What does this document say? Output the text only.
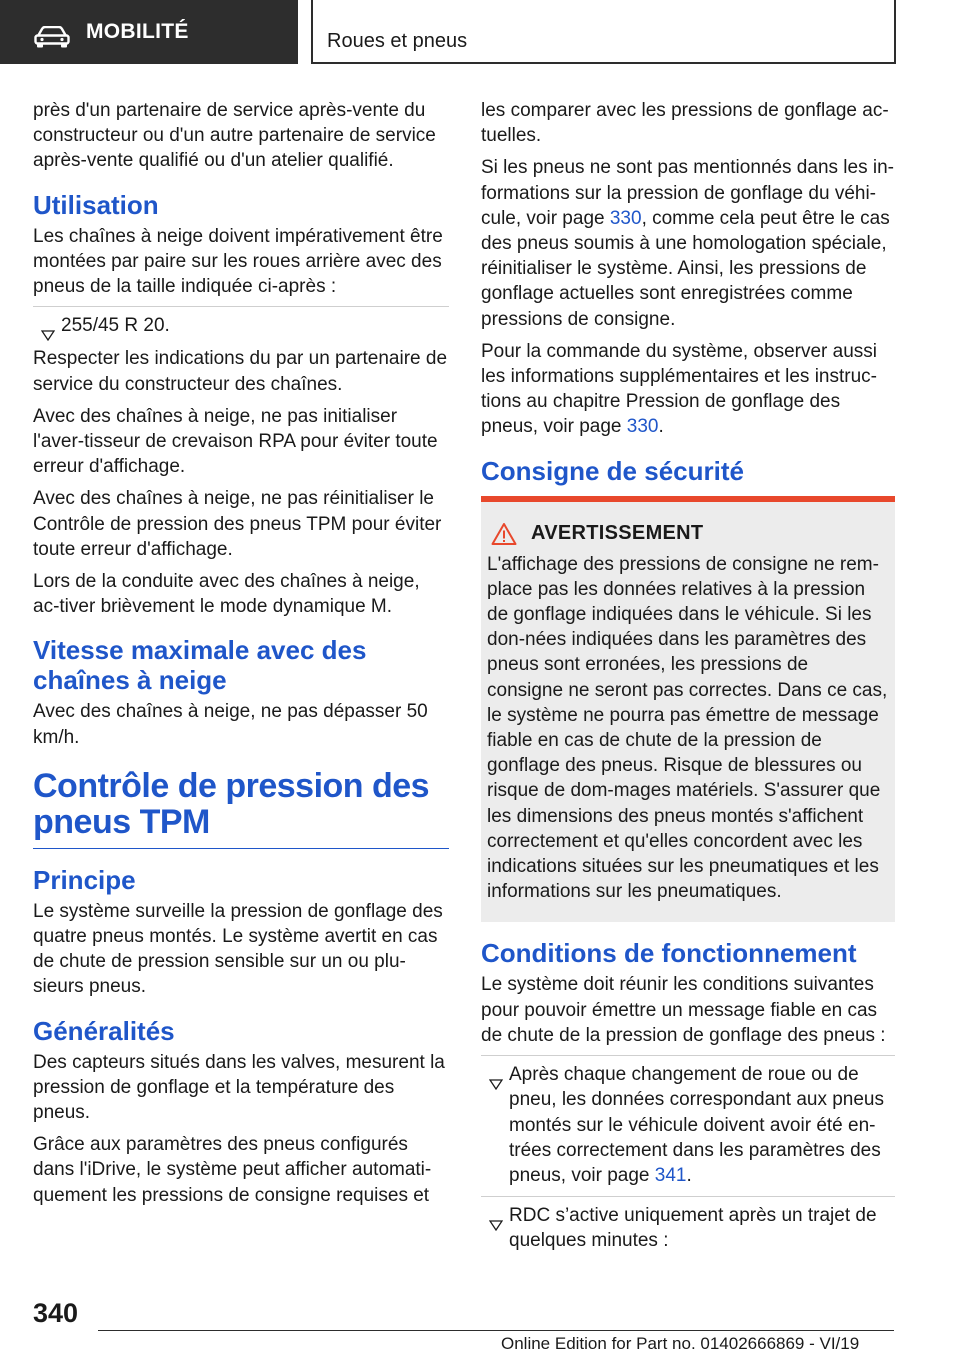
MOBILITÉ	Roues et pneus

près d'un partenaire de service après-vente du constructeur ou d'un autre partenaire de service après-vente qualifié ou d'un atelier qualifié.

Utilisation

Les chaînes à neige doivent impérativement être montées par paire sur les roues arrière avec des pneus de la taille indiquée ci-après :

255/45 R 20.

Respecter les indications du par un partenaire de service du constructeur des chaînes.

Avec des chaînes à neige, ne pas initialiser l'aver-tisseur de crevaison RPA pour éviter toute erreur d'affichage.

Avec des chaînes à neige, ne pas réinitialiser le Contrôle de pression des pneus TPM pour éviter toute erreur d'affichage.

Lors de la conduite avec des chaînes à neige, ac-tiver brièvement le mode dynamique M.

Vitesse maximale avec des chaînes à neige

Avec des chaînes à neige, ne pas dépasser 50 km/h.

Contrôle de pression des pneus TPM
Principe

Le système surveille la pression de gonflage des quatre pneus montés. Le système avertit en cas de chute de pression sensible sur un ou plu-sieurs pneus.

Généralités

Des capteurs situés dans les valves, mesurent la pression de gonflage et la température des pneus.

Grâce aux paramètres des pneus configurés dans l'iDrive, le système peut afficher automati-quement les pressions de consigne requises et

les comparer avec les pressions de gonflage ac-tuelles.

Si les pneus ne sont pas mentionnés dans les in-formations sur la pression de gonflage du véhi-cule, voir page 330, comme cela peut être le cas des pneus soumis à une homologation spéciale, réinitialiser le système. Ainsi, les pressions de gonflage actuelles sont enregistrées comme pressions de consigne.

Pour la commande du système, observer aussi les informations supplémentaires et les instruc-tions au chapitre Pression de gonflage des pneus, voir page 330.

Consigne de sécurité
AVERTISSEMENT

L'affichage des pressions de consigne ne rem-place pas les données relatives à la pression de gonflage indiquées dans le véhicule. Si les don-nées indiquées dans les paramètres des pneus sont erronées, les pressions de consigne ne seront pas correctes. Dans ce cas, le système ne pourra pas émettre de message fiable en cas de chute de la pression de gonflage des pneus. Risque de blessures ou risque de dom-mages matériels. S'assurer que les dimensions des pneus montés s'affichent correctement et qu'elles concordent avec les indications situées sur les pneumatiques et les informations sur les pneumatiques.

Conditions de fonctionnement

Le système doit réunir les conditions suivantes pour pouvoir émettre un message fiable en cas de chute de la pression de gonflage des pneus :

Après chaque changement de roue ou de pneu, les données correspondant aux pneus montés sur le véhicule doivent avoir été en-trées correctement dans les paramètres des pneus, voir page 341.
RDC s’active uniquement après un trajet de quelques minutes :
340
Online Edition for Part no. 01402666869 - VI/19
